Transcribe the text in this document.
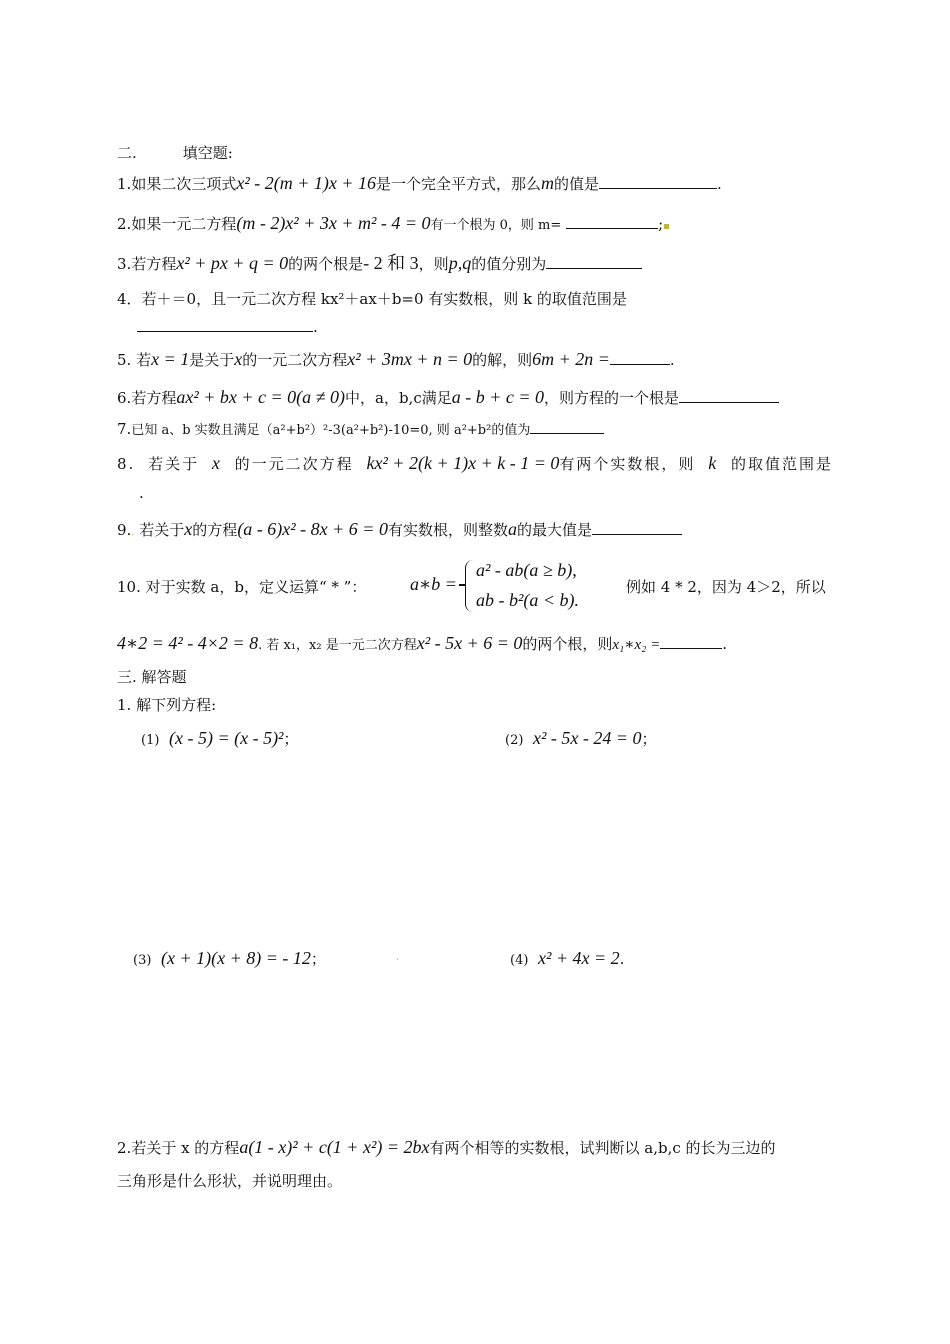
二.	填空题:
1.如果二次三项式x² - 2(m + 1)x + 16是一个完全平方式，那么m的值是	.
2.如果一元二方程(m - 2)x² + 3x + m² - 4 = 0有一个根为 0，则 m=	;▪
3.若方程x² + px + q = 0的两个根是- 2 和 3，则p,q的值分别为
4．若＋＝0，且一元二次方程 kx²＋ax＋b=0 有实数根，则 k 的取值范围是
.
5. 若x = 1是关于x的一元二次方程x² + 3mx + n = 0的解，则6m + 2n =	.
6.若方程ax² + bx + c = 0(a ≠ 0)中，a，b,c满足a - b + c = 0，则方程的一个根是
7.已知 a、b 实数且满足（a²+b²）²-3(a²+b²)-10=0, 则 a²+b²的值为
8. 若关于 x 的一元二次方程 kx² + 2(k + 1)x + k - 1 = 0有两个实数根，则 k 的取值范围是
.
9.. 若关于x的方程(a - 6)x² - 8x + 6 = 0有实数根，则整数a的最大值是
10. 对于实数 a，b，定义运算“ * ”： a∗b =
a² - ab(a ≥ b),
ab - b²(a < b).
例如 4 * 2，因为 4＞2，所以
4∗2 = 4² - 4×2 = 8. 若 x₁，x₂ 是一元二次方程x² - 5x + 6 = 0的两个根，则x₁∗x₂ =	.
三. 解答题
1. 解下列方程:
(1) (x - 5) = (x - 5)²；	(2) x² - 5x - 24 = 0；
(3) (x + 1)(x + 8) = - 12；	.	(4) x² + 4x = 2.
2.若关于 x 的方程a(1 - x)² + c(1 + x²) = 2bx有两个相等的实数根，试判断以 a,b,c 的长为三边的
三角形是什么形状，并说明理由。
